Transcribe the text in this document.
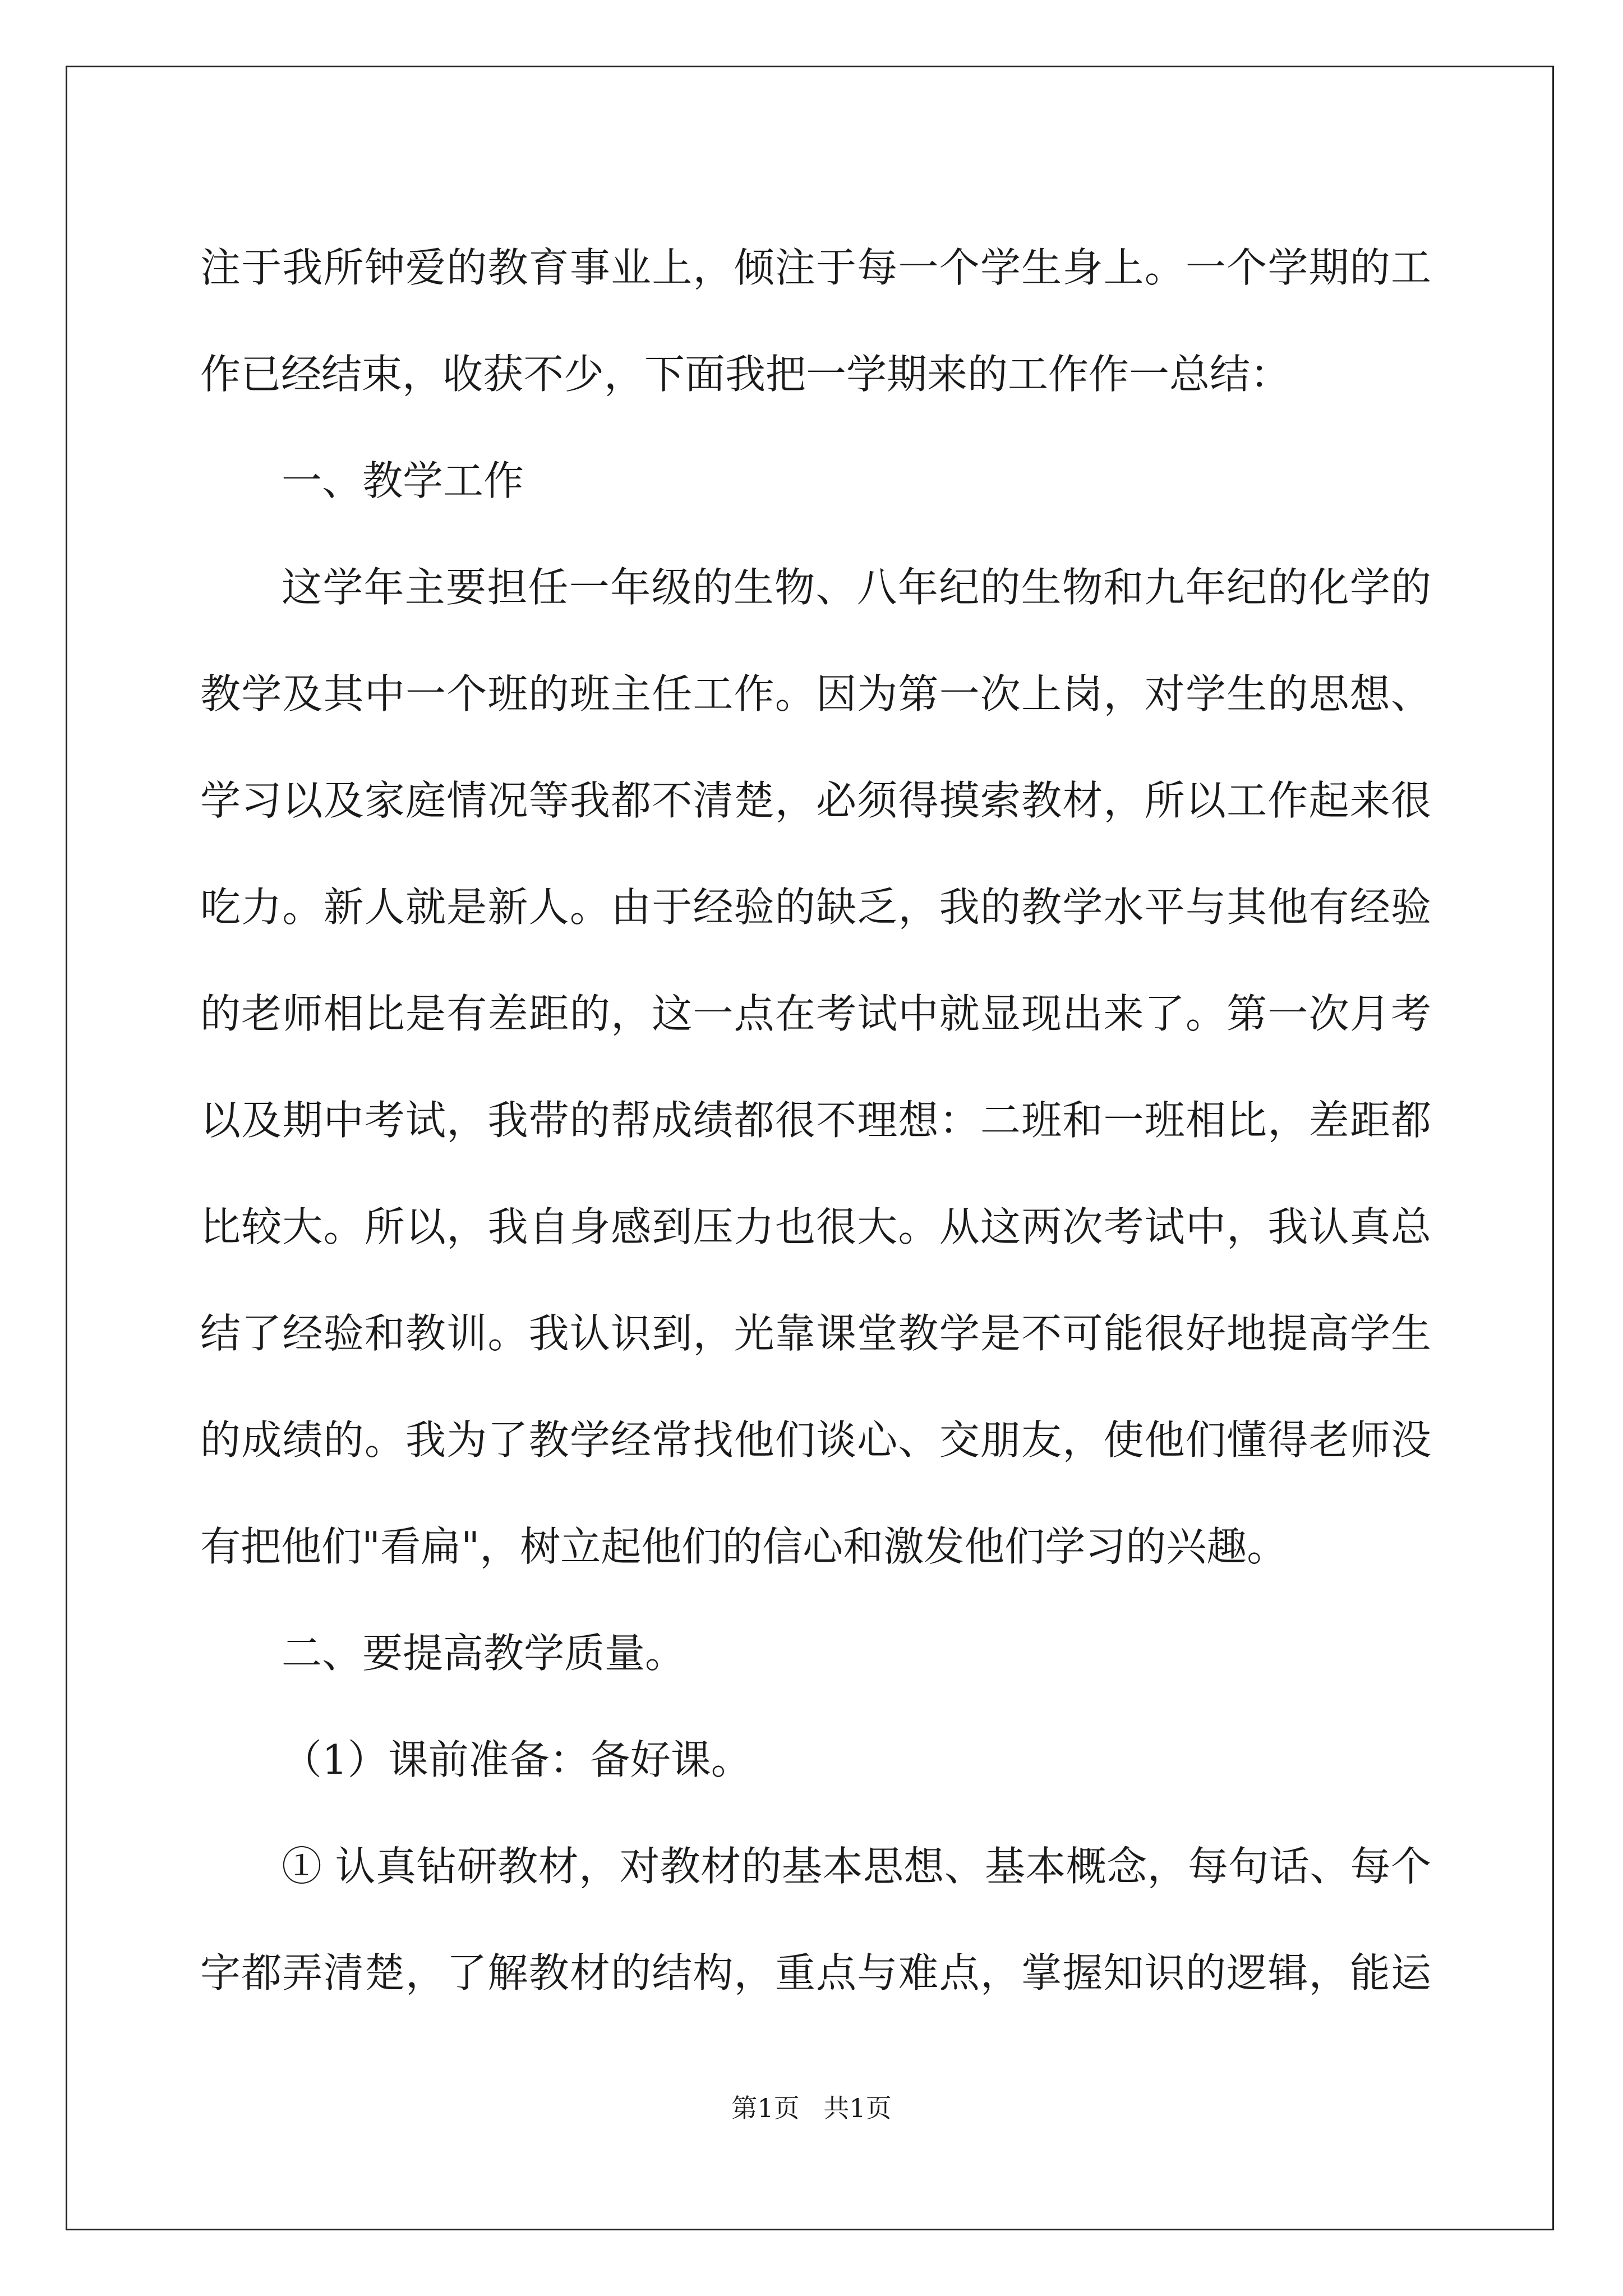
注于我所钟爱的教育事业上，倾注于每一个学生身上。一个学期的工
作已经结束，收获不少，下面我把一学期来的工作作一总结：
一、教学工作
这学年主要担任一年级的生物、八年纪的生物和九年纪的化学的
教学及其中一个班的班主任工作。因为第一次上岗，对学生的思想、
学习以及家庭情况等我都不清楚，必须得摸索教材，所以工作起来很
吃力。新人就是新人。由于经验的缺乏，我的教学水平与其他有经验
的老师相比是有差距的，这一点在考试中就显现出来了。第一次月考
以及期中考试，我带的帮成绩都很不理想：二班和一班相比，差距都
比较大。所以，我自身感到压力也很大。从这两次考试中，我认真总
结了经验和教训。我认识到，光靠课堂教学是不可能很好地提高学生
的成绩的。我为了教学经常找他们谈心、交朋友，使他们懂得老师没
有把他们"看扁"，树立起他们的信心和激发他们学习的兴趣。
二、要提高教学质量。
（1）课前准备：备好课。
① 认真钻研教材，对教材的基本思想、基本概念，每句话、每个
字都弄清楚，了解教材的结构，重点与难点，掌握知识的逻辑，能运
第1页 共1页
